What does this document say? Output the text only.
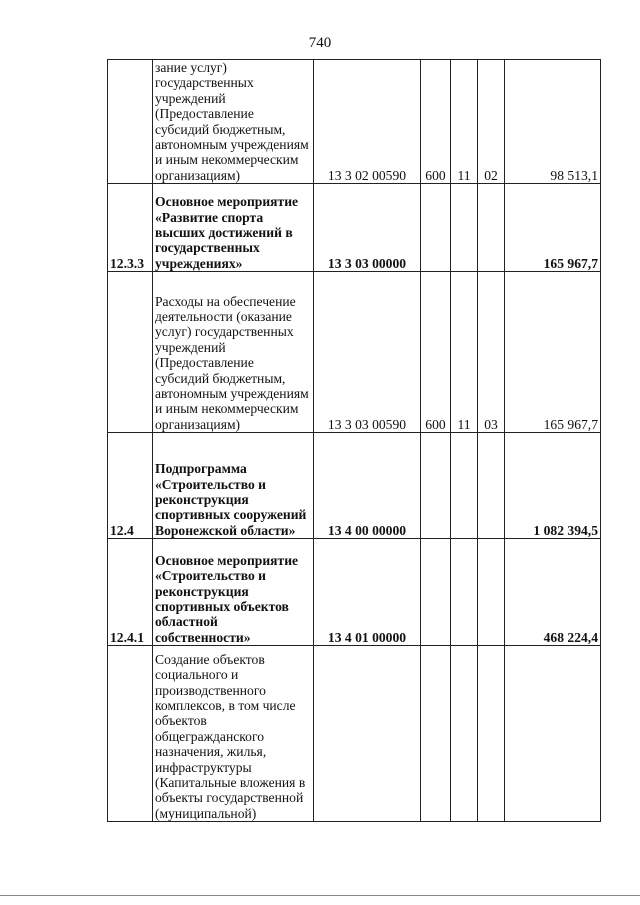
740
	зание услуг) государственных учреждений (Предоставление субсидий бюджетным, автономным учреждениям и иным некоммерческим организациям)	13 3 02 00590	600	11	02	98 513,1
12.3.3	Основное мероприятие «Развитие спорта высших достижений в государственных учреждениях»	13 3 03 00000				165 967,7
	Расходы на обеспечение деятельности (оказание услуг) государственных учреждений (Предоставление субсидий бюджетным, автономным учреждениям и иным некоммерческим организациям)	13 3 03 00590	600	11	03	165 967,7
12.4	Подпрограмма «Строительство и реконструкция спортивных сооружений Воронежской области»	13 4 00 00000				1 082 394,5
12.4.1	Основное мероприятие «Строительство и реконструкция спортивных объектов областной собственности»	13 4 01 00000				468 224,4
	Создание объектов социального и производственного комплексов, в том числе объектов общегражданского назначения, жилья, инфраструктуры (Капитальные вложения в объекты государственной (муниципальной)					
